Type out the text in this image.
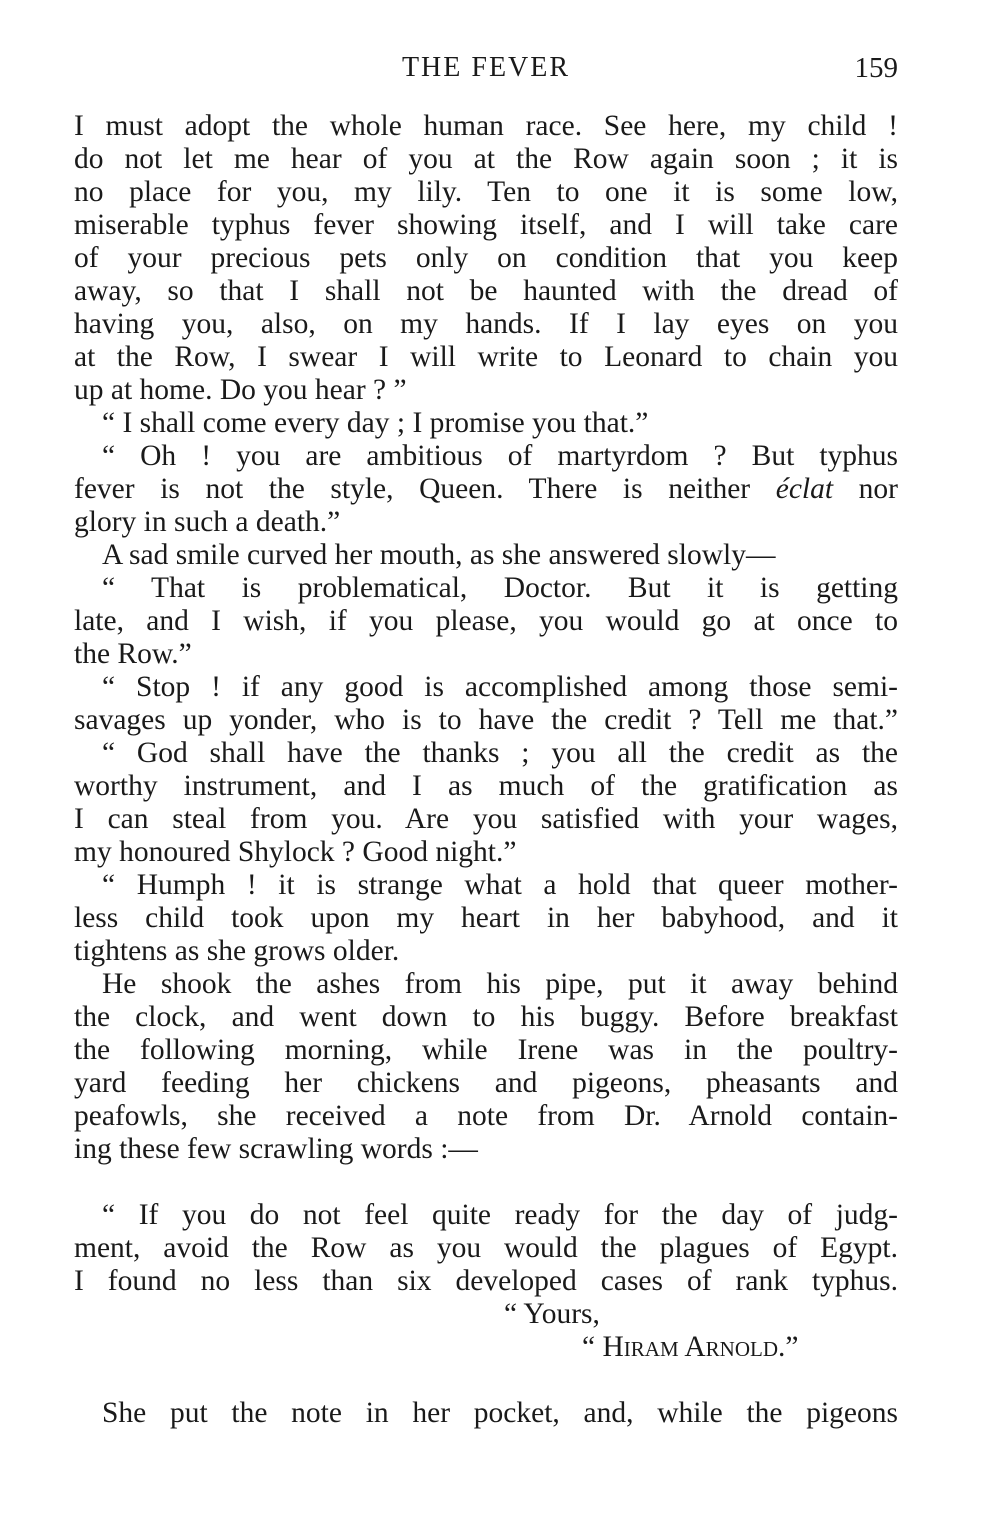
THE FEVER	159
I must adopt the whole human race. See here, my child !
do not let me hear of you at the Row again soon ; it is
no place for you, my lily. Ten to one it is some low,
miserable typhus fever showing itself, and I will take care
of your precious pets only on condition that you keep
away, so that I shall not be haunted with the dread of
having you, also, on my hands. If I lay eyes on you
at the Row, I swear I will write to Leonard to chain you
up at home. Do you hear ? ”
“ I shall come every day ; I promise you that.”
“ Oh ! you are ambitious of martyrdom ? But typhus
fever is not the style, Queen. There is neither éclat nor
glory in such a death.”
A sad smile curved her mouth, as she answered slowly—
“ That is problematical, Doctor. But it is getting
late, and I wish, if you please, you would go at once to
the Row.”
“ Stop ! if any good is accomplished among those semi-
savages up yonder, who is to have the credit ? Tell me that.”
“ God shall have the thanks ; you all the credit as the
worthy instrument, and I as much of the gratification as
I can steal from you. Are you satisfied with your wages,
my honoured Shylock ? Good night.”
“ Humph ! it is strange what a hold that queer mother-
less child took upon my heart in her babyhood, and it
tightens as she grows older.
He shook the ashes from his pipe, put it away behind
the clock, and went down to his buggy. Before breakfast
the following morning, while Irene was in the poultry-
yard feeding her chickens and pigeons, pheasants and
peafowls, she received a note from Dr. Arnold contain-
ing these few scrawling words :—
“ If you do not feel quite ready for the day of judg-
ment, avoid the Row as you would the plagues of Egypt.
I found no less than six developed cases of rank typhus.
“ Yours,
“ Hiram Arnold.”
She put the note in her pocket, and, while the pigeons
